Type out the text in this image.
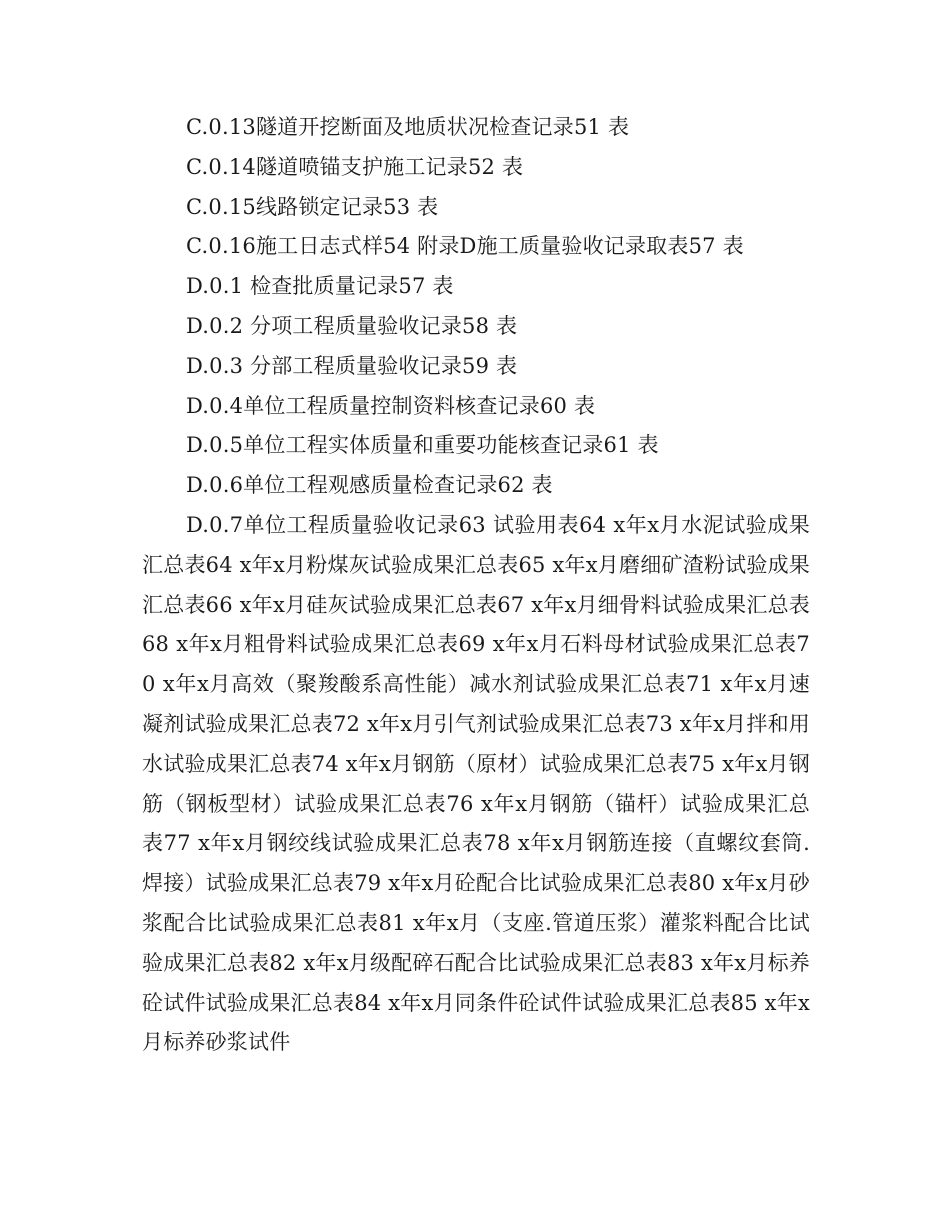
C.0.13隧道开挖断面及地质状况检查记录51 表

C.0.14隧道喷锚支护施工记录52 表

C.0.15线路锁定记录53 表

C.0.16施工日志式样54 附录D施工质量验收记录取表57 表

D.0.1 检查批质量记录57 表

D.0.2 分项工程质量验收记录58 表

D.0.3 分部工程质量验收记录59 表

D.0.4单位工程质量控制资料核查记录60 表

D.0.5单位工程实体质量和重要功能核查记录61 表

D.0.6单位工程观感质量检查记录62 表

D.0.7单位工程质量验收记录63 试验用表64 x年x月水泥试验成果汇总表64 x年x月粉煤灰试验成果汇总表65 x年x月磨细矿渣粉试验成果汇总表66 x年x月硅灰试验成果汇总表67 x年x月细骨料试验成果汇总表68 x年x月粗骨料试验成果汇总表69 x年x月石料母材试验成果汇总表70 x年x月高效（聚羧酸系高性能）减水剂试验成果汇总表71 x年x月速凝剂试验成果汇总表72 x年x月引气剂试验成果汇总表73 x年x月拌和用水试验成果汇总表74 x年x月钢筋（原材）试验成果汇总表75 x年x月钢筋（钢板型材）试验成果汇总表76 x年x月钢筋（锚杆）试验成果汇总表77 x年x月钢绞线试验成果汇总表78 x年x月钢筋连接（直螺纹套筒.焊接）试验成果汇总表79 x年x月砼配合比试验成果汇总表80 x年x月砂浆配合比试验成果汇总表81 x年x月（支座.管道压浆）灌浆料配合比试验成果汇总表82 x年x月级配碎石配合比试验成果汇总表83 x年x月标养砼试件试验成果汇总表84 x年x月同条件砼试件试验成果汇总表85 x年x月标养砂浆试件
